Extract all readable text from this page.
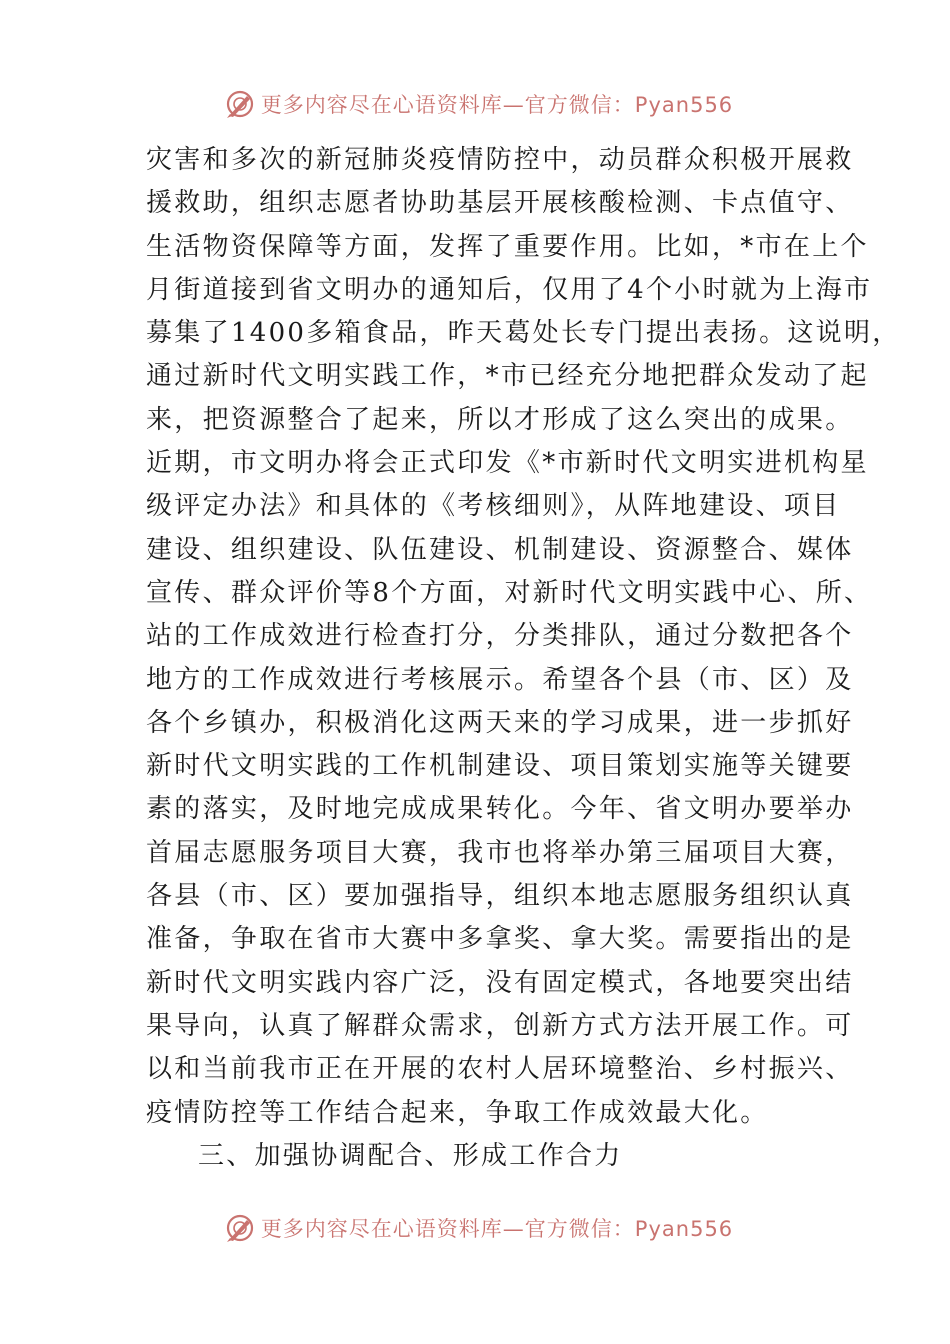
更多内容尽在心语资料库—官方微信：Pyan556
灾害和多次的新冠肺炎疫情防控中，动员群众积极开展救
援救助，组织志愿者协助基层开展核酸检测、卡点值守、
生活物资保障等方面，发挥了重要作用。比如，*市在上个
月街道接到省文明办的通知后，仅用了4个小时就为上海市
募集了1400多箱食品，昨天葛处长专门提出表扬。这说明，
通过新时代文明实践工作，*市已经充分地把群众发动了起
来，把资源整合了起来，所以才形成了这么突出的成果。
近期，市文明办将会正式印发《*市新时代文明实进机构星
级评定办法》和具体的《考核细则》，从阵地建设、项目
建设、组织建设、队伍建设、机制建设、资源整合、媒体
宣传、群众评价等8个方面，对新时代文明实践中心、所、
站的工作成效进行检查打分，分类排队，通过分数把各个
地方的工作成效进行考核展示。希望各个县（市、区）及
各个乡镇办，积极消化这两天来的学习成果，进一步抓好
新时代文明实践的工作机制建设、项目策划实施等关键要
素的落实，及时地完成成果转化。今年、省文明办要举办
首届志愿服务项目大赛，我市也将举办第三届项目大赛，
各县（市、区）要加强指导，组织本地志愿服务组织认真
准备，争取在省市大赛中多拿奖、拿大奖。需要指出的是
新时代文明实践内容广泛，没有固定模式，各地要突出结
果导向，认真了解群众需求，创新方式方法开展工作。可
以和当前我市正在开展的农村人居环境整治、乡村振兴、
疫情防控等工作结合起来，争取工作成效最大化。
三、加强协调配合、形成工作合力
更多内容尽在心语资料库—官方微信：Pyan556
